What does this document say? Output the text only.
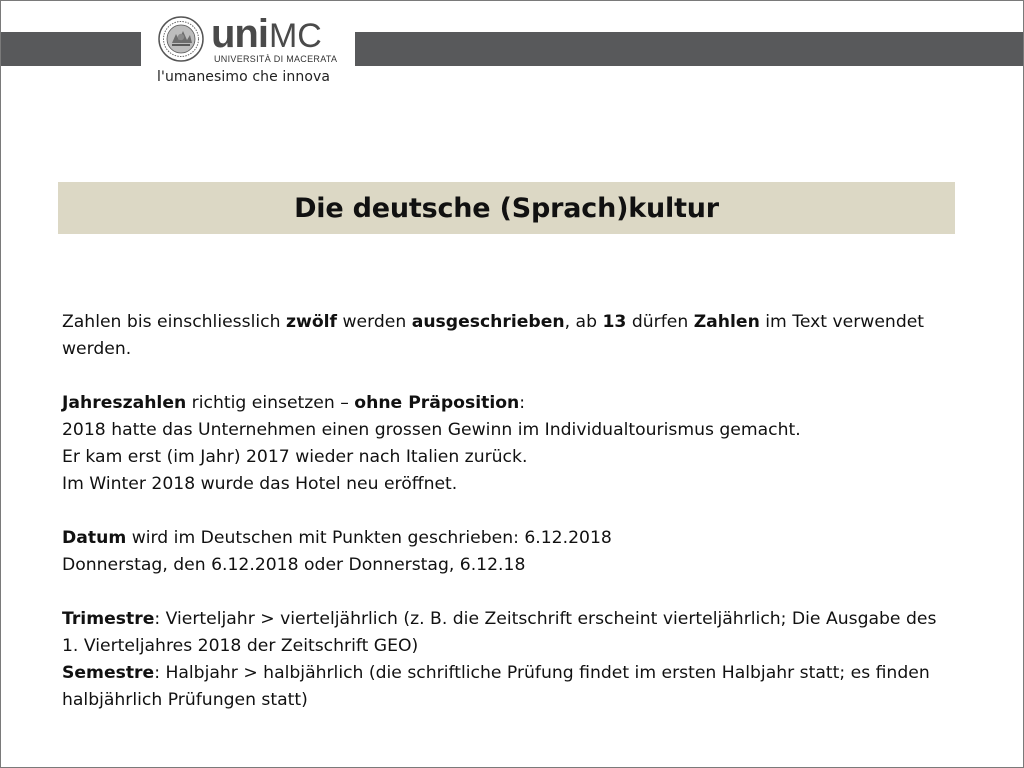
uni MC
UNIVERSITÀ DI MACERATA
l'umanesimo che innova
Die deutsche (Sprach)kultur

Zahlen bis einschliesslich zwölf werden ausgeschrieben, ab 13 dürfen Zahlen im Text verwendet werden.

Jahreszahlen richtig einsetzen – ohne Präposition:

2018 hatte das Unternehmen einen grossen Gewinn im Individualtourismus gemacht.

Er kam erst (im Jahr) 2017 wieder nach Italien zurück.

Im Winter 2018 wurde das Hotel neu eröffnet.

Datum wird im Deutschen mit Punkten geschrieben: 6.12.2018

Donnerstag, den 6.12.2018 oder Donnerstag, 6.12.18

Trimestre: Vierteljahr > vierteljährlich (z. B. die Zeitschrift erscheint vierteljährlich; Die Ausgabe des 1. Vierteljahres 2018 der Zeitschrift GEO)

Semestre: Halbjahr > halbjährlich (die schriftliche Prüfung findet im ersten Halbjahr statt; es finden halbjährlich Prüfungen statt)
